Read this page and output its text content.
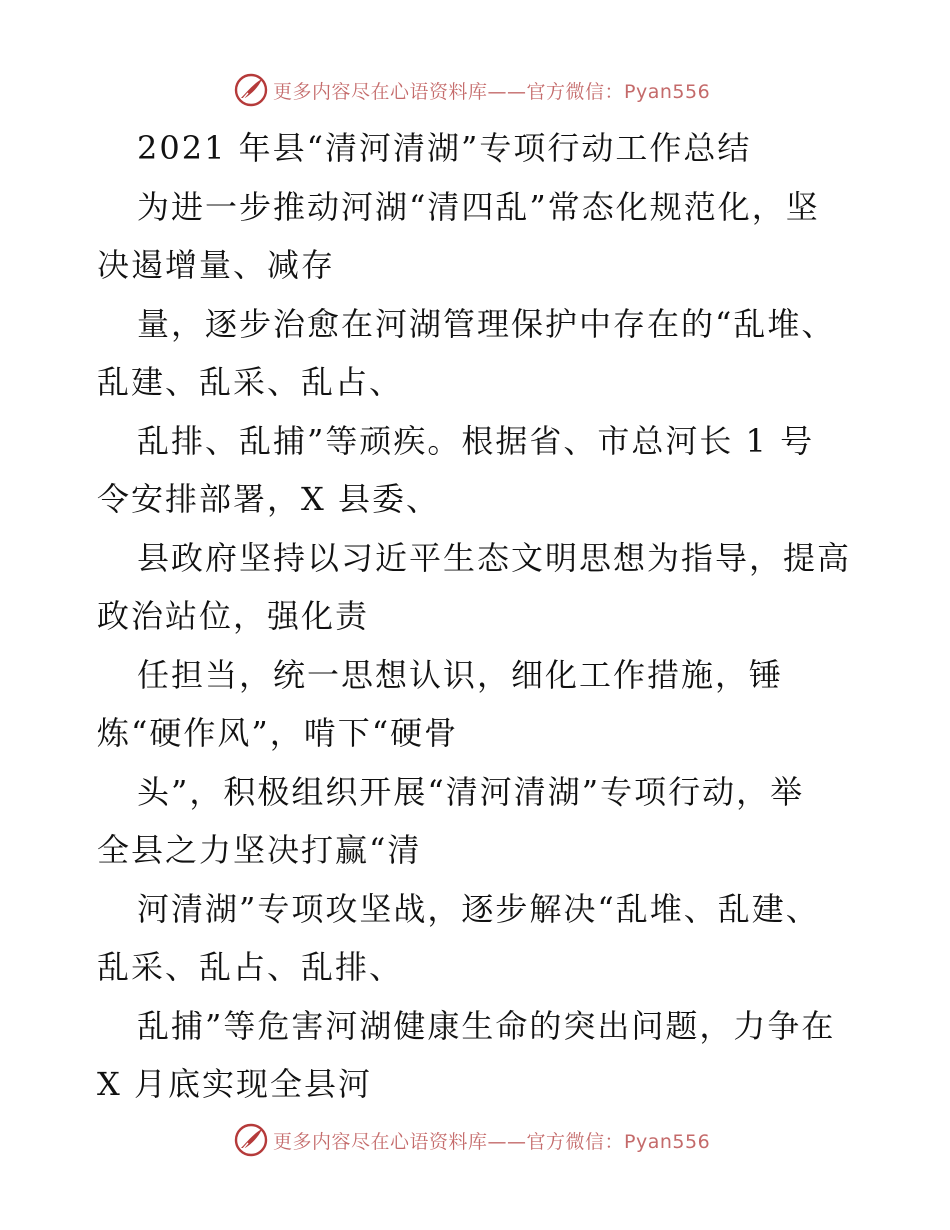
更多内容尽在心语资料库——官方微信：Pyan556

2021 年县“清河清湖”专项行动工作总结

为进一步推动河湖“清四乱”常态化规范化，坚

决遏增量、减存

量，逐步治愈在河湖管理保护中存在的“乱堆、

乱建、乱采、乱占、

乱排、乱捕”等顽疾。根据省、市总河长 1 号

令安排部署，X 县委、

县政府坚持以习近平生态文明思想为指导，提高

政治站位，强化责

任担当，统一思想认识，细化工作措施，锤

炼“硬作风”，啃下“硬骨

头”，积极组织开展“清河清湖”专项行动，举

全县之力坚决打赢“清

河清湖”专项攻坚战，逐步解决“乱堆、乱建、

乱采、乱占、乱排、

乱捕”等危害河湖健康生命的突出问题，力争在

X 月底实现全县河

更多内容尽在心语资料库——官方微信：Pyan556
